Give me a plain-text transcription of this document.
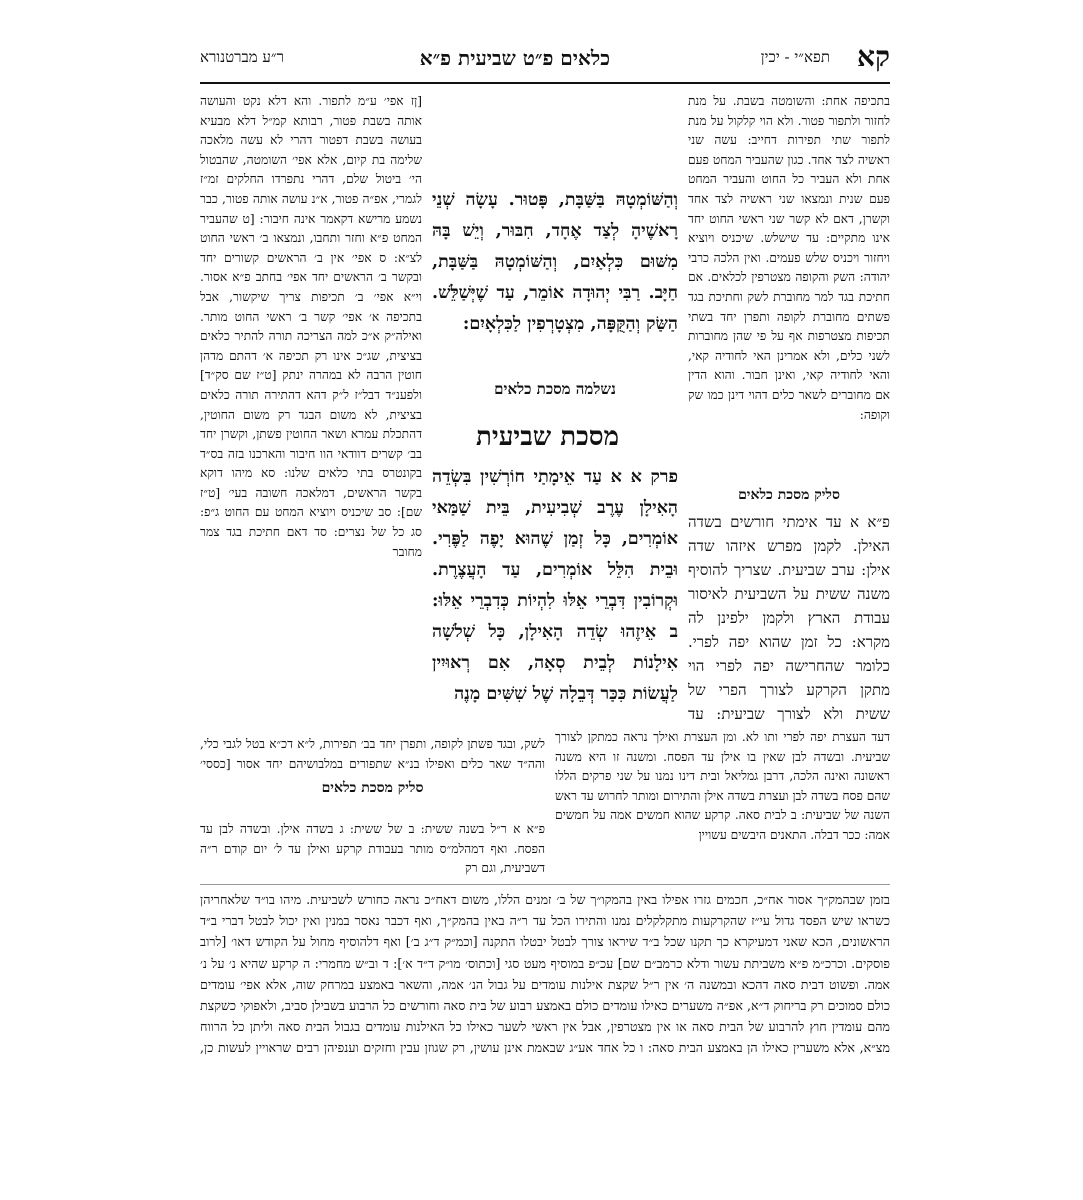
קא
תפא״י - יכין
כלאים פ״ט שביעית פ״א
ר״ע מברטנורא

בתכיפה אחת: והשומטה בשבת. על מנת לחזור ולתפור פטור. ולא הוי קלקול על מנת לתפור שתי תפירות דחייב: עשה שני ראשיה לצד אחד. כגון שהעביר המחט פעם אחת ולא העביר כל החוט והעביר המחט פעם שנית ונמצאו שני ראשיה לצד אחד וקשרן, דאם לא קשר שני ראשי החוט יחד אינו מתקיים: עד שישלש. שיכניס ויוציא ויחזור ויכניס שלש פעמים. ואין הלכה כרבי יהודה: השק והקופה מצטרפין לכלאים. אם חתיכת בגד למר מחוברת לשק וחתיכת בגד פשתים מחוברת לקופה ותפרן יחד בשתי תכיפות מצטרפות אף על פי שהן מחוברות לשני כלים, ולא אמרינן האי לחודיה קאי, והאי לחודיה קאי, ואינן חבור. והוא הדין אם מחוברים לשאר כלים דהוי דינן כמו שק וקופה:

סליק מסכת כלאים

פ״א א עד אימתי חורשים בשדה האילן. לקמן מפרש איזהו שדה אילן: ערב שביעית. שצריך להוסיף משנה ששית על השביעית לאיסור עבודת הארץ ולקמן ילפינן לה מקרא: כל זמן שהוא יפה לפרי. כלומר שהחרישה יפה לפרי הוי מתקן הקרקע לצורך הפרי של ששית ולא לצורך שביעית: עד

[ןז אפי׳ ע״מ לתפור. והא דלא נקט והעושה אותה בשבת פטור, רבותא קמ״ל דלא מבעיא בעושה בשבת דפטור דהרי לא עשה מלאכה שלימה בת קיום, אלא אפי׳ השומטה, שהבטול הי׳ ביטול שלם, דהרי נתפרדו החלקים זמ״ז לגמרי, אפ״ה פטור, א״נ עושה אותה פטור, כבר נשמע מרישא דקאמר אינה חיבור: [ט שהעביר המחט פ״א וחזר ותחבו, ונמצאו ב׳ ראשי החוט לצ״א: ס אפי׳ אין ב׳ הראשים קשורים יחד ובקשר ב׳ הראשים יחד אפי׳ בחתב פ״א אסור. וי״א אפי׳ ב׳ תכיפות צריך שיקשור, אבל בתכיפה א׳ אפי׳ קשר ב׳ ראשי החוט מותר. ואילה״ק א״כ למה הצריכה תורה להתיר כלאים בציצית, שג״כ אינו רק תכיפה א׳ דהתם מדהן חוטין הרבה לא במהרה ינתק [ט״ז שם סק״ד] ולפענ״ד דבל״ז ל״ק דהא דהתירה תורה כלאים בציצית, לא משום הבגד רק משום החוטין, דהתכלת עמרא ושאר החוטין פשתן, וקשרן יחד בב׳ קשרים דוודאי הוו חיבור והארכנו בזה בס״ד בקונטרס בתי כלאים שלנו: סא מיהו דוקא בקשר הראשים, דמלאכה חשובה בעי׳ [ט״ז שם]: סב שיכניס ויוציא המחט עם החוט ג״פ: סג כל של נצרים: סד דאם חתיכת בגד צמר מחובר

וְהַשּׁוֹמְטָהּ בַּשַּׁבָּת, פָּטוּר. עָשָׂה שְׁנֵי רָאשֶׁיהָ לְצַד אֶחָד, חִבּוּר, וְיֵשׁ בָּהּ מִשּׁוּם כִּלְאַיִם, וְהַשּׁוֹמְטָהּ בַּשַּׁבָּת, חַיָּב. רַבִּי יְהוּדָה אוֹמֵר, עַד שֶׁיְּשַׁלֵּשׁ. הַשַּׂק וְהַקֻּפָּה, מִצְטָרְפִין לַכִּלְאָיִם:

נשלמה מסכת כלאים

מסכת שביעית

פרק א א עַד אֵימָתַי חוֹרְשִׁין בִּשְׂדֵה הָאִילָן עֶרֶב שְׁבִיעִית, בֵּית שַׁמַּאי אוֹמְרִים, כָּל זְמַן שֶׁהוּא יָפֶה לַפֶּרִי. וּבֵית הִלֵּל אוֹמְרִים, עַד הָעֲצֶרֶת. וּקְרוֹבִין דִּבְרֵי אֵלּוּ לִהְיוֹת כְּדִבְרֵי אֵלּוּ: ב אֵיזֶהוּ שְׂדֵה הָאִילָן, כָּל שְׁלֹשָׁה אִילָנוֹת לְבֵית סְאָה, אִם רְאוּיִין לַעֲשׂוֹת כִּכַּר דְּבֵלָה שֶׁל שִׁשִּׁים מָנֶה

לשק, ובגד פשתן לקופה, ותפרן יחד בב׳ תפירות, ל״א דכ״א בטל לגבי כלי, והה״ד שאר כלים ואפילו בנ״א שתפורים במלבושיהם יחד אסור [כססי׳

סליק מסכת כלאים

פ״א א ר״ל בשנה ששית: ב של ששית: ג בשדה אילן. ובשדה לבן עד הפסח. ואף דמהלמ״ס מותר בעבודת קרקע ואילן עד ל׳ יום קודם ר״ה דשביעית, וגם רק

דעד העצרת יפה לפרי ותו לא. ומן העצרת ואילך נראה כמתקן לצורך שביעית. ובשדה לבן שאין בו אילן עד הפסח. ומשנה זו היא משנה ראשונה ואינה הלכה, דרבן גמליאל ובית דינו נמנו על שני פרקים הללו שהם פסח בשדה לבן ועצרת בשדה אילן והתירום ומותר לחרוש עד ראש השנה של שביעית: ב לבית סאה. קרקע שהוא חמשים אמה על חמשים אמה: ככר דבלה. התאנים היבשים עשויין

בזמן שבהמק״ך אסור אח״כ, חכמים גזרו אפילו באין בהמקו״ך של ב׳ זמנים הללו, משום דאח״כ נראה כחורש לשביעית. מיהו בו״ד שלאחריהן כשראו שיש הפסד גדול עי״ז שהקרקעות מתקלקלים נמנו והתירו הכל עד ר״ה באין בהמק״ך, ואף דכבר נאסר במנין ואין יכול לבטל דברי ב״ד הראשונים, הכא שאני דמעיקרא כך תקנו שכל ב״ד שיראו צורך לבטל יבטלו התקנה [וכמ״ק ד״ג ב׳] ואף דלהוסיף מחול על הקודש דאו׳ [לרוב פוסקים. וכרכ״מ פ״א משביתת עשור ודלא כרמב״ם שם] עכ״פ במוסיף מעט סגי [וכתוס׳ מו״ק ד״ד א׳]: ד וב״ש מחמרי: ה קרקע שהיא נ׳ על נ׳ אמה. ופשוט דבית סאה דהכא ובמשנה ה׳ אין ר״ל שקצת אילנות עומדים על גבול הנ׳ אמה, והשאר באמצע במרחק שוה, אלא אפי׳ עומדים כולם סמוכים רק בריחוק ד״א, אפ״ה משערים כאילו עומדים כולם באמצע רבוע של בית סאה וחורשים כל הרבוע בשבילן סביב, ולאפוקי כשקצת מהם עומדין חוץ להרבוע של הבית סאה או אין מצטרפין, אבל אין ראשי לשער כאילו כל האילנות עומדים בגבול הבית סאה וליתן כל הרווח מצ״א, אלא משערין כאילו הן באמצע הבית סאה: ו כל אחד אע״ג שבאמת אינן עושין, רק שגוזן עבין וחזקים וענפיהן רבים שראויין לעשות כן,
